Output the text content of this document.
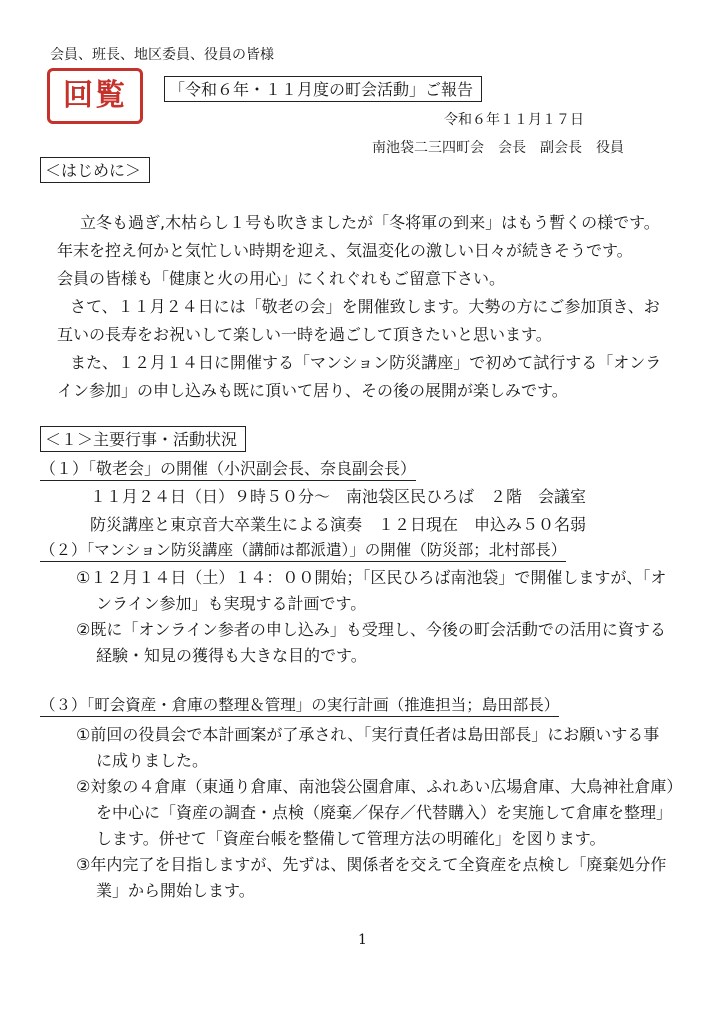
会員、班長、地区委員、役員の皆様
回覧	「令和６年・１１月度の町会活動」ご報告
令和６年１１月１７日
南池袋二三四町会　会長　副会長　役員
＜はじめに＞
立冬も過ぎ,木枯らし１号も吹きましたが「冬将軍の到来」はもう暫くの様です。
年末を控え何かと気忙しい時期を迎え、気温変化の激しい日々が続きそうです。
会員の皆様も「健康と火の用心」にくれぐれもご留意下さい。
さて、１１月２４日には「敬老の会」を開催致します。大勢の方にご参加頂き、お
互いの長寿をお祝いして楽しい一時を過ごして頂きたいと思います。
また、１２月１４日に開催する「マンション防災講座」で初めて試行する「オンラ
イン参加」の申し込みも既に頂いて居り、その後の展開が楽しみです。
＜１＞主要行事・活動状況
（１）「敬老会」の開催（小沢副会長、奈良副会長）
１１月２４日（日）９時５０分～　南池袋区民ひろば　２階　会議室
防災講座と東京音大卒業生による演奏　１２日現在　申込み５０名弱
（２）「マンション防災講座（講師は都派遣）」の開催（防災部；北村部長）
①１２月１４日（土）１４：００開始；「区民ひろば南池袋」で開催しますが、「オ
ンライン参加」も実現する計画です。
②既に「オンライン参者の申し込み」も受理し、今後の町会活動での活用に資する
経験・知見の獲得も大きな目的です。
（３）「町会資産・倉庫の整理＆管理」の実行計画（推進担当；島田部長）
①前回の役員会で本計画案が了承され、「実行責任者は島田部長」にお願いする事
に成りました。
②対象の４倉庫（東通り倉庫、南池袋公園倉庫、ふれあい広場倉庫、大鳥神社倉庫）
を中心に「資産の調査・点検（廃棄／保存／代替購入）を実施して倉庫を整理」
します。併せて「資産台帳を整備して管理方法の明確化」を図ります。
③年内完了を目指しますが、先ずは、関係者を交えて全資産を点検し「廃棄処分作
業」から開始します。
1
